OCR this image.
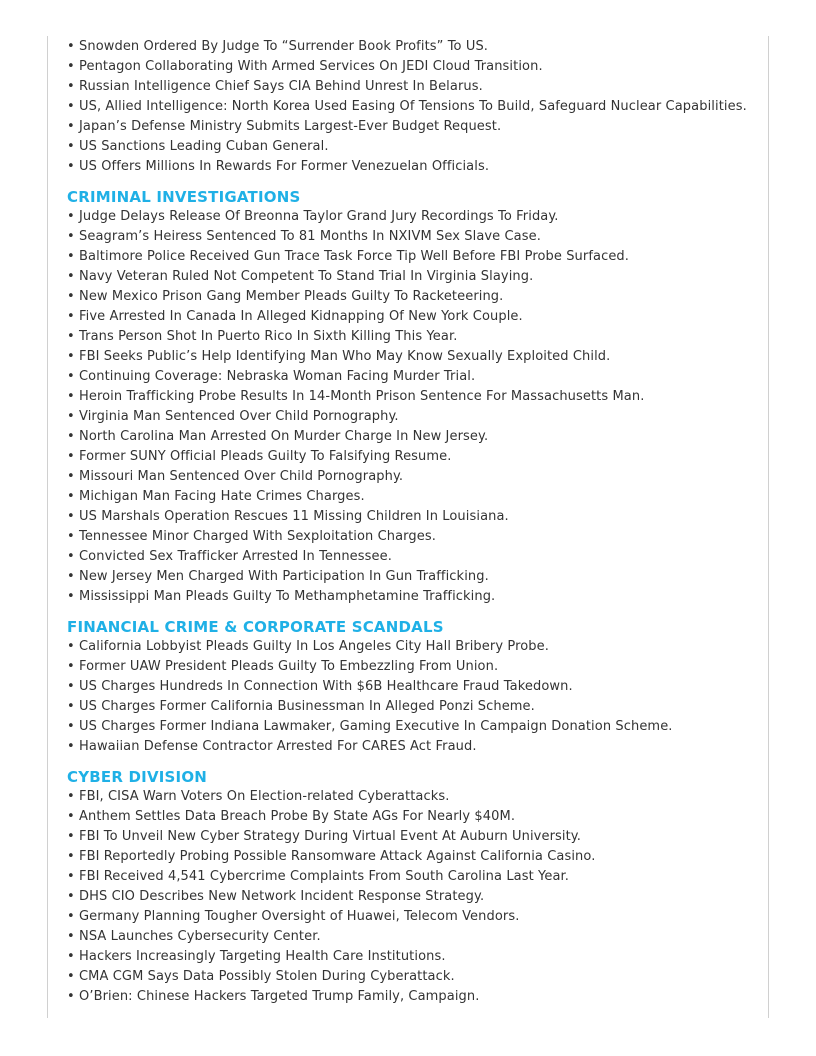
• Snowden Ordered By Judge To “Surrender Book Profits” To US.
• Pentagon Collaborating With Armed Services On JEDI Cloud Transition.
• Russian Intelligence Chief Says CIA Behind Unrest In Belarus.
• US, Allied Intelligence: North Korea Used Easing Of Tensions To Build, Safeguard Nuclear Capabilities.
• Japan’s Defense Ministry Submits Largest-Ever Budget Request.
• US Sanctions Leading Cuban General.
• US Offers Millions In Rewards For Former Venezuelan Officials.
CRIMINAL INVESTIGATIONS
• Judge Delays Release Of Breonna Taylor Grand Jury Recordings To Friday.
• Seagram’s Heiress Sentenced To 81 Months In NXIVM Sex Slave Case.
• Baltimore Police Received Gun Trace Task Force Tip Well Before FBI Probe Surfaced.
• Navy Veteran Ruled Not Competent To Stand Trial In Virginia Slaying.
• New Mexico Prison Gang Member Pleads Guilty To Racketeering.
• Five Arrested In Canada In Alleged Kidnapping Of New York Couple.
• Trans Person Shot In Puerto Rico In Sixth Killing This Year.
• FBI Seeks Public’s Help Identifying Man Who May Know Sexually Exploited Child.
• Continuing Coverage: Nebraska Woman Facing Murder Trial.
• Heroin Trafficking Probe Results In 14-Month Prison Sentence For Massachusetts Man.
• Virginia Man Sentenced Over Child Pornography.
• North Carolina Man Arrested On Murder Charge In New Jersey.
• Former SUNY Official Pleads Guilty To Falsifying Resume.
• Missouri Man Sentenced Over Child Pornography.
• Michigan Man Facing Hate Crimes Charges.
• US Marshals Operation Rescues 11 Missing Children In Louisiana.
• Tennessee Minor Charged With Sexploitation Charges.
• Convicted Sex Trafficker Arrested In Tennessee.
• New Jersey Men Charged With Participation In Gun Trafficking.
• Mississippi Man Pleads Guilty To Methamphetamine Trafficking.
FINANCIAL CRIME & CORPORATE SCANDALS
• California Lobbyist Pleads Guilty In Los Angeles City Hall Bribery Probe.
• Former UAW President Pleads Guilty To Embezzling From Union.
• US Charges Hundreds In Connection With $6B Healthcare Fraud Takedown.
• US Charges Former California Businessman In Alleged Ponzi Scheme.
• US Charges Former Indiana Lawmaker, Gaming Executive In Campaign Donation Scheme.
• Hawaiian Defense Contractor Arrested For CARES Act Fraud.
CYBER DIVISION
• FBI, CISA Warn Voters On Election-related Cyberattacks.
• Anthem Settles Data Breach Probe By State AGs For Nearly $40M.
• FBI To Unveil New Cyber Strategy During Virtual Event At Auburn University.
• FBI Reportedly Probing Possible Ransomware Attack Against California Casino.
• FBI Received 4,541 Cybercrime Complaints From South Carolina Last Year.
• DHS CIO Describes New Network Incident Response Strategy.
• Germany Planning Tougher Oversight of Huawei, Telecom Vendors.
• NSA Launches Cybersecurity Center.
• Hackers Increasingly Targeting Health Care Institutions.
• CMA CGM Says Data Possibly Stolen During Cyberattack.
• O’Brien: Chinese Hackers Targeted Trump Family, Campaign.
